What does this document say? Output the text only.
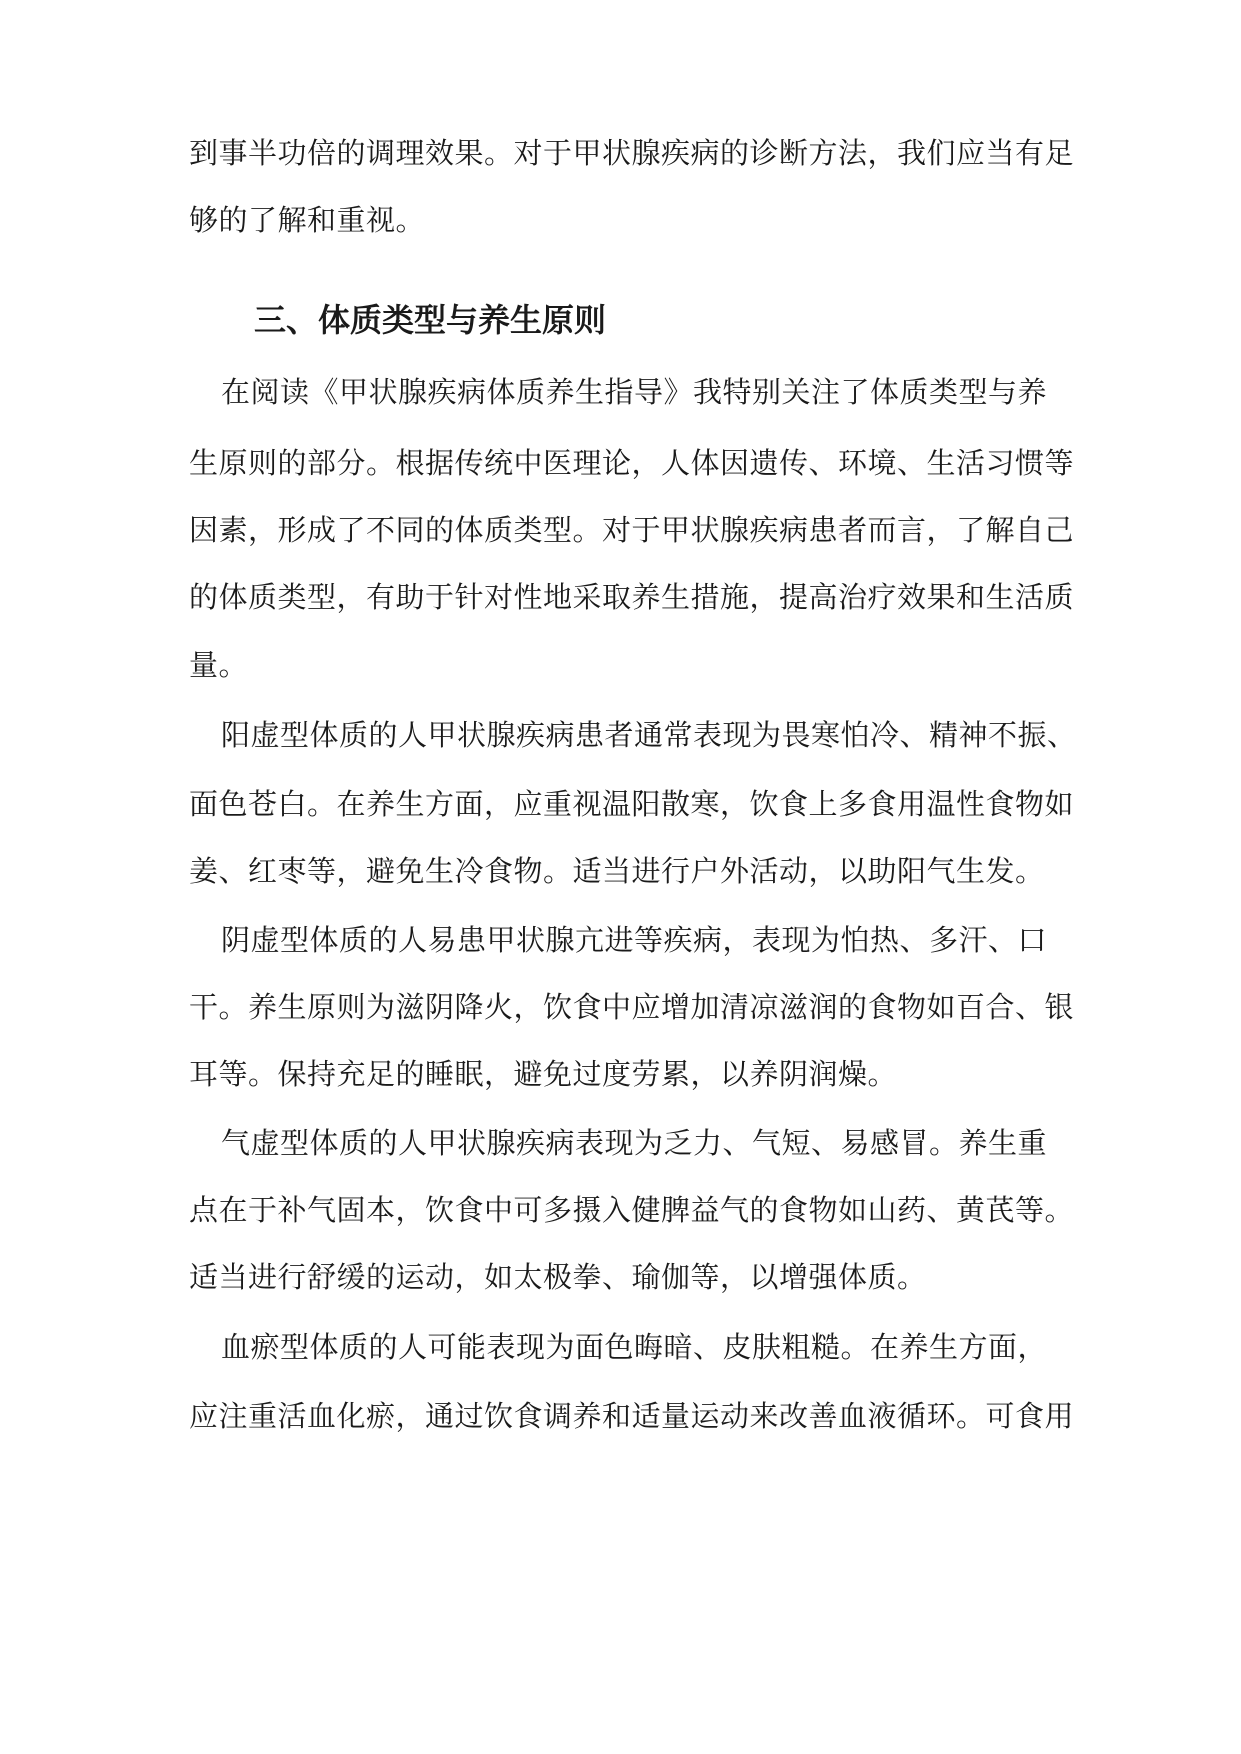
到事半功倍的调理效果。对于甲状腺疾病的诊断方法，我们应当有足
够的了解和重视。
三、体质类型与养生原则
在阅读《甲状腺疾病体质养生指导》我特别关注了体质类型与养
生原则的部分。根据传统中医理论，人体因遗传、环境、生活习惯等
因素，形成了不同的体质类型。对于甲状腺疾病患者而言，了解自己
的体质类型，有助于针对性地采取养生措施，提高治疗效果和生活质
量。
阳虚型体质的人甲状腺疾病患者通常表现为畏寒怕冷、精神不振、
面色苍白。在养生方面，应重视温阳散寒，饮食上多食用温性食物如
姜、红枣等，避免生冷食物。适当进行户外活动，以助阳气生发。
阴虚型体质的人易患甲状腺亢进等疾病，表现为怕热、多汗、口
干。养生原则为滋阴降火，饮食中应增加清凉滋润的食物如百合、银
耳等。保持充足的睡眠，避免过度劳累，以养阴润燥。
气虚型体质的人甲状腺疾病表现为乏力、气短、易感冒。养生重
点在于补气固本，饮食中可多摄入健脾益气的食物如山药、黄芪等。
适当进行舒缓的运动，如太极拳、瑜伽等，以增强体质。
血瘀型体质的人可能表现为面色晦暗、皮肤粗糙。在养生方面，
应注重活血化瘀，通过饮食调养和适量运动来改善血液循环。可食用
